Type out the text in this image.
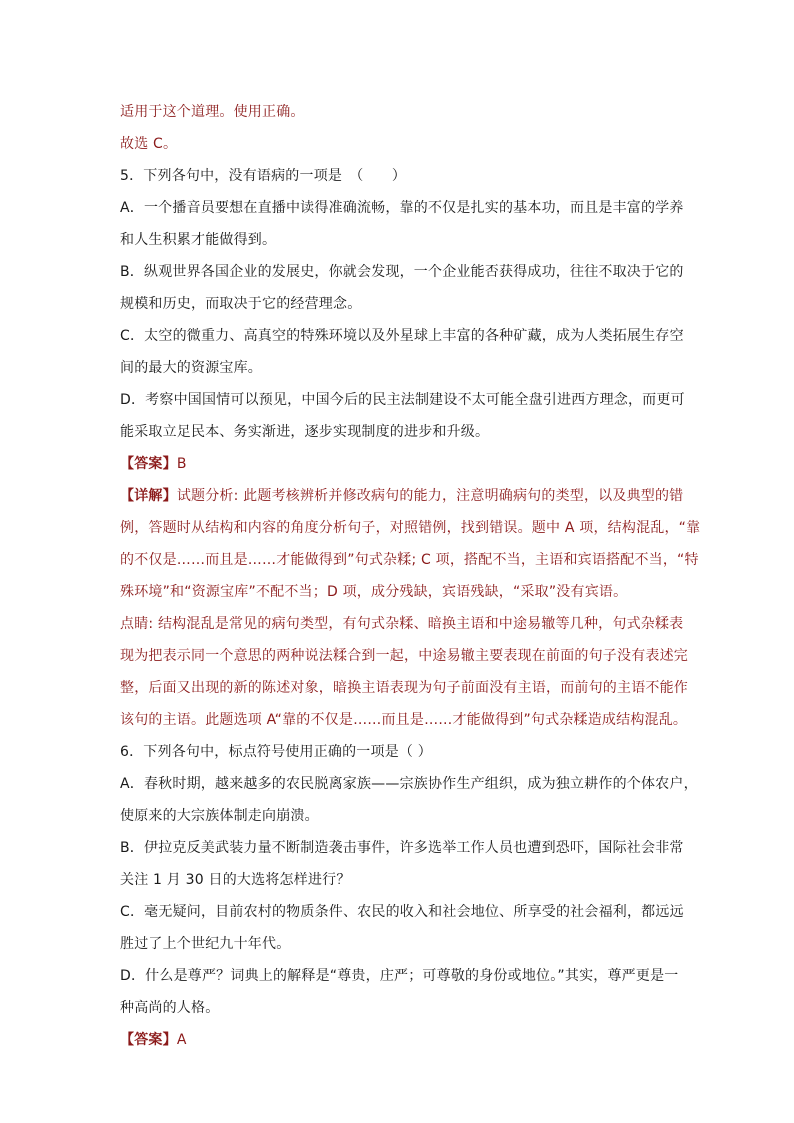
适用于这个道理。使用正确。
故选 C。
5．下列各句中，没有语病的一项是　（　　）
A．一个播音员要想在直播中读得准确流畅，靠的不仅是扎实的基本功，而且是丰富的学养
和人生积累才能做得到。
B．纵观世界各国企业的发展史，你就会发现，一个企业能否获得成功，往往不取决于它的
规模和历史，而取决于它的经营理念。
C．太空的微重力、高真空的特殊环境以及外星球上丰富的各种矿藏，成为人类拓展生存空
间的最大的资源宝库。
D．考察中国国情可以预见，中国今后的民主法制建设不太可能全盘引进西方理念，而更可
能采取立足民本、务实渐进，逐步实现制度的进步和升级。
【答案】B
【详解】试题分析: 此题考核辨析并修改病句的能力，注意明确病句的类型，以及典型的错
例，答题时从结构和内容的角度分析句子，对照错例，找到错误。题中 A 项，结构混乱，“靠
的不仅是……而且是……才能做得到”句式杂糅; C 项，搭配不当，主语和宾语搭配不当，“特
殊环境”和“资源宝库”不配不当；D 项，成分残缺，宾语残缺，“采取”没有宾语。
点睛: 结构混乱是常见的病句类型，有句式杂糅、暗换主语和中途易辙等几种，句式杂糅表
现为把表示同一个意思的两种说法糅合到一起，中途易辙主要表现在前面的句子没有表述完
整，后面又出现的新的陈述对象，暗换主语表现为句子前面没有主语，而前句的主语不能作
该句的主语。此题选项 A“靠的不仅是……而且是……才能做得到”句式杂糅造成结构混乱。
6．下列各句中，标点符号使用正确的一项是（ ）
A．春秋时期，越来越多的农民脱离家族——宗族协作生产组织，成为独立耕作的个体农户，
使原来的大宗族体制走向崩溃。
B．伊拉克反美武装力量不断制造袭击事件，许多选举工作人员也遭到恐吓，国际社会非常
关注 1 月 30 日的大选将怎样进行？
C．毫无疑问，目前农村的物质条件、农民的收入和社会地位、所享受的社会福利，都远远
胜过了上个世纪九十年代。
D．什么是尊严？词典上的解释是“尊贵，庄严；可尊敬的身份或地位。”其实，尊严更是一
种高尚的人格。
【答案】A
